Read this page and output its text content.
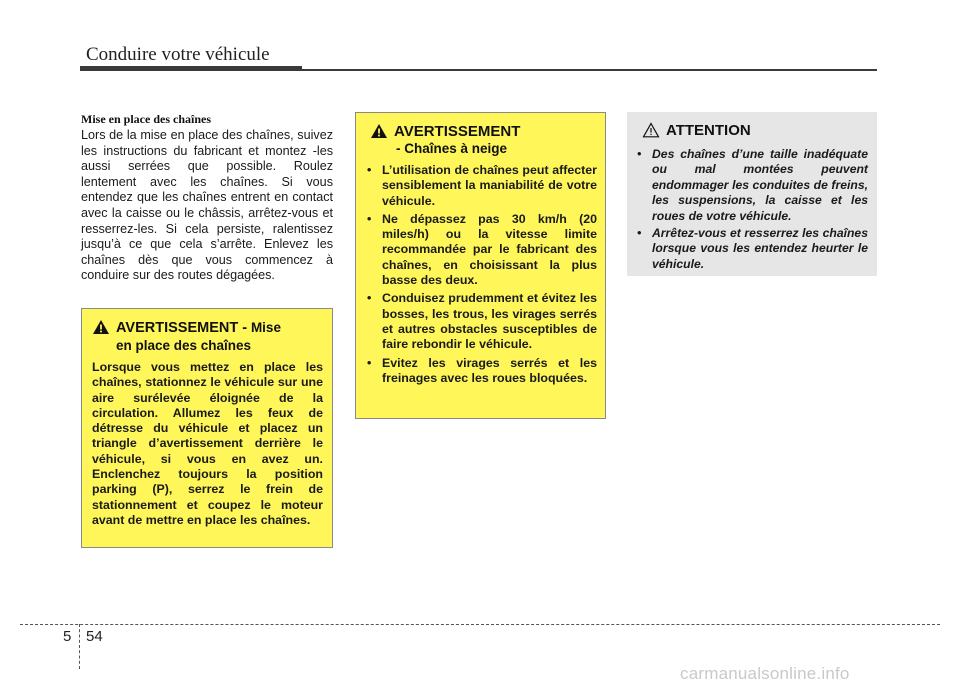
Conduire votre véhicule
Mise en place des chaînes
Lors de la mise en place des chaînes, suivez les instructions du fabricant et montez -les aussi serrées que possible. Roulez lentement avec les chaînes. Si vous entendez que les chaînes entrent en contact avec la caisse ou le châssis, arrêtez-vous et resserrez-les. Si cela persiste, ralentissez jusqu’à ce que cela s’arrête. Enlevez les chaînes dès que vous commencez à conduire sur des routes dégagées.
AVERTISSEMENT - Mise
en place des chaînes
Lorsque vous mettez en place les chaînes, stationnez le véhicule sur une aire surélevée éloignée de la circulation. Allumez les feux de détresse du véhicule et placez un triangle d’avertissement derrière le véhicule, si vous en avez un. Enclenchez toujours la position parking (P), serrez le frein de stationnement et coupez le moteur avant de mettre en place les chaînes.
AVERTISSEMENT
- Chaînes à neige
• L’utilisation de chaînes peut affecter sensiblement la maniabilité de votre véhicule.
• Ne dépassez pas 30 km/h (20 miles/h) ou la vitesse limite recommandée par le fabricant des chaînes, en choisissant la plus basse des deux.
• Conduisez prudemment et évitez les bosses, les trous, les virages serrés et autres obstacles susceptibles de faire rebondir le véhicule.
• Evitez les virages serrés et les freinages avec les roues bloquées.
ATTENTION
• Des chaînes d’une taille inadéquate ou mal montées peuvent endommager les conduites de freins, les suspensions, la caisse et les roues de votre véhicule.
• Arrêtez-vous et resserrez les chaînes lorsque vous les entendez heurter le véhicule.
5 54
carmanualsonline.info
